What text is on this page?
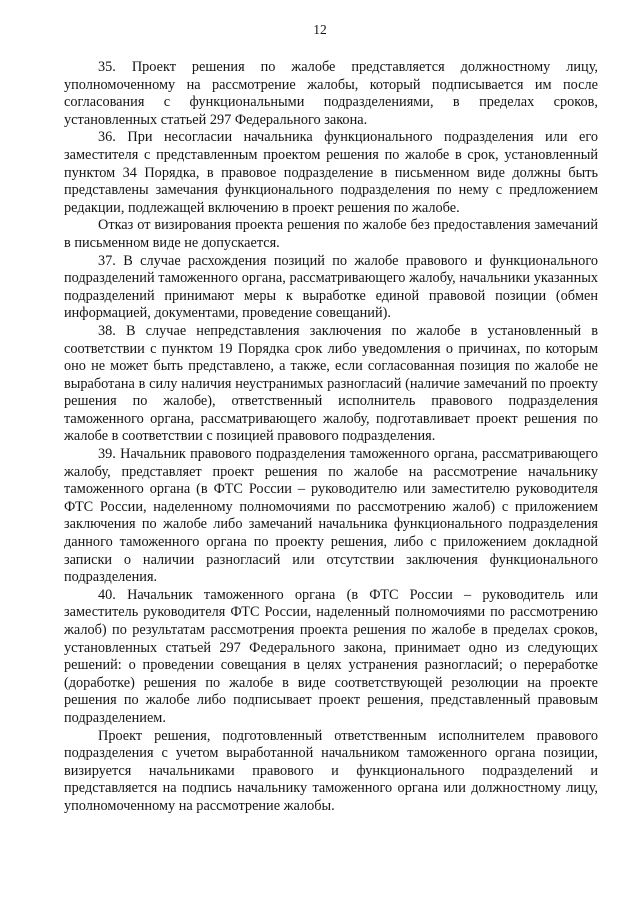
12

35. Проект решения по жалобе представляется должностному лицу, уполномоченному на рассмотрение жалобы, который подписывается им после согласования с функциональными подразделениями, в пределах сроков, установленных статьей 297 Федерального закона.

36. При несогласии начальника функционального подразделения или его заместителя с представленным проектом решения по жалобе в срок, установленный пунктом 34 Порядка, в правовое подразделение в письменном виде должны быть представлены замечания функционального подразделения по нему с предложением редакции, подлежащей включению в проект решения по жалобе.

Отказ от визирования проекта решения по жалобе без предоставления замечаний в письменном виде не допускается.

37. В случае расхождения позиций по жалобе правового и функционального подразделений таможенного органа, рассматривающего жалобу, начальники указанных подразделений принимают меры к выработке единой правовой позиции (обмен информацией, документами, проведение совещаний).

38. В случае непредставления заключения по жалобе в установленный в соответствии с пунктом 19 Порядка срок либо уведомления о причинах, по которым оно не может быть представлено, а также, если согласованная позиция по жалобе не выработана в силу наличия неустранимых разногласий (наличие замечаний по проекту решения по жалобе), ответственный исполнитель правового подразделения таможенного органа, рассматривающего жалобу, подготавливает проект решения по жалобе в соответствии с позицией правового подразделения.

39. Начальник правового подразделения таможенного органа, рассматривающего жалобу, представляет проект решения по жалобе на рассмотрение начальнику таможенного органа (в ФТС России – руководителю или заместителю руководителя ФТС России, наделенному полномочиями по рассмотрению жалоб) с приложением заключения по жалобе либо замечаний начальника функционального подразделения данного таможенного органа по проекту решения, либо с приложением докладной записки о наличии разногласий или отсутствии заключения функционального подразделения.

40. Начальник таможенного органа (в ФТС России – руководитель или заместитель руководителя ФТС России, наделенный полномочиями по рассмотрению жалоб) по результатам рассмотрения проекта решения по жалобе в пределах сроков, установленных статьей 297 Федерального закона, принимает одно из следующих решений: о проведении совещания в целях устранения разногласий; о переработке (доработке) решения по жалобе в виде соответствующей резолюции на проекте решения по жалобе либо подписывает проект решения, представленный правовым подразделением.

Проект решения, подготовленный ответственным исполнителем правового подразделения с учетом выработанной начальником таможенного органа позиции, визируется начальниками правового и функционального подразделений и представляется на подпись начальнику таможенного органа или должностному лицу, уполномоченному на рассмотрение жалобы.
